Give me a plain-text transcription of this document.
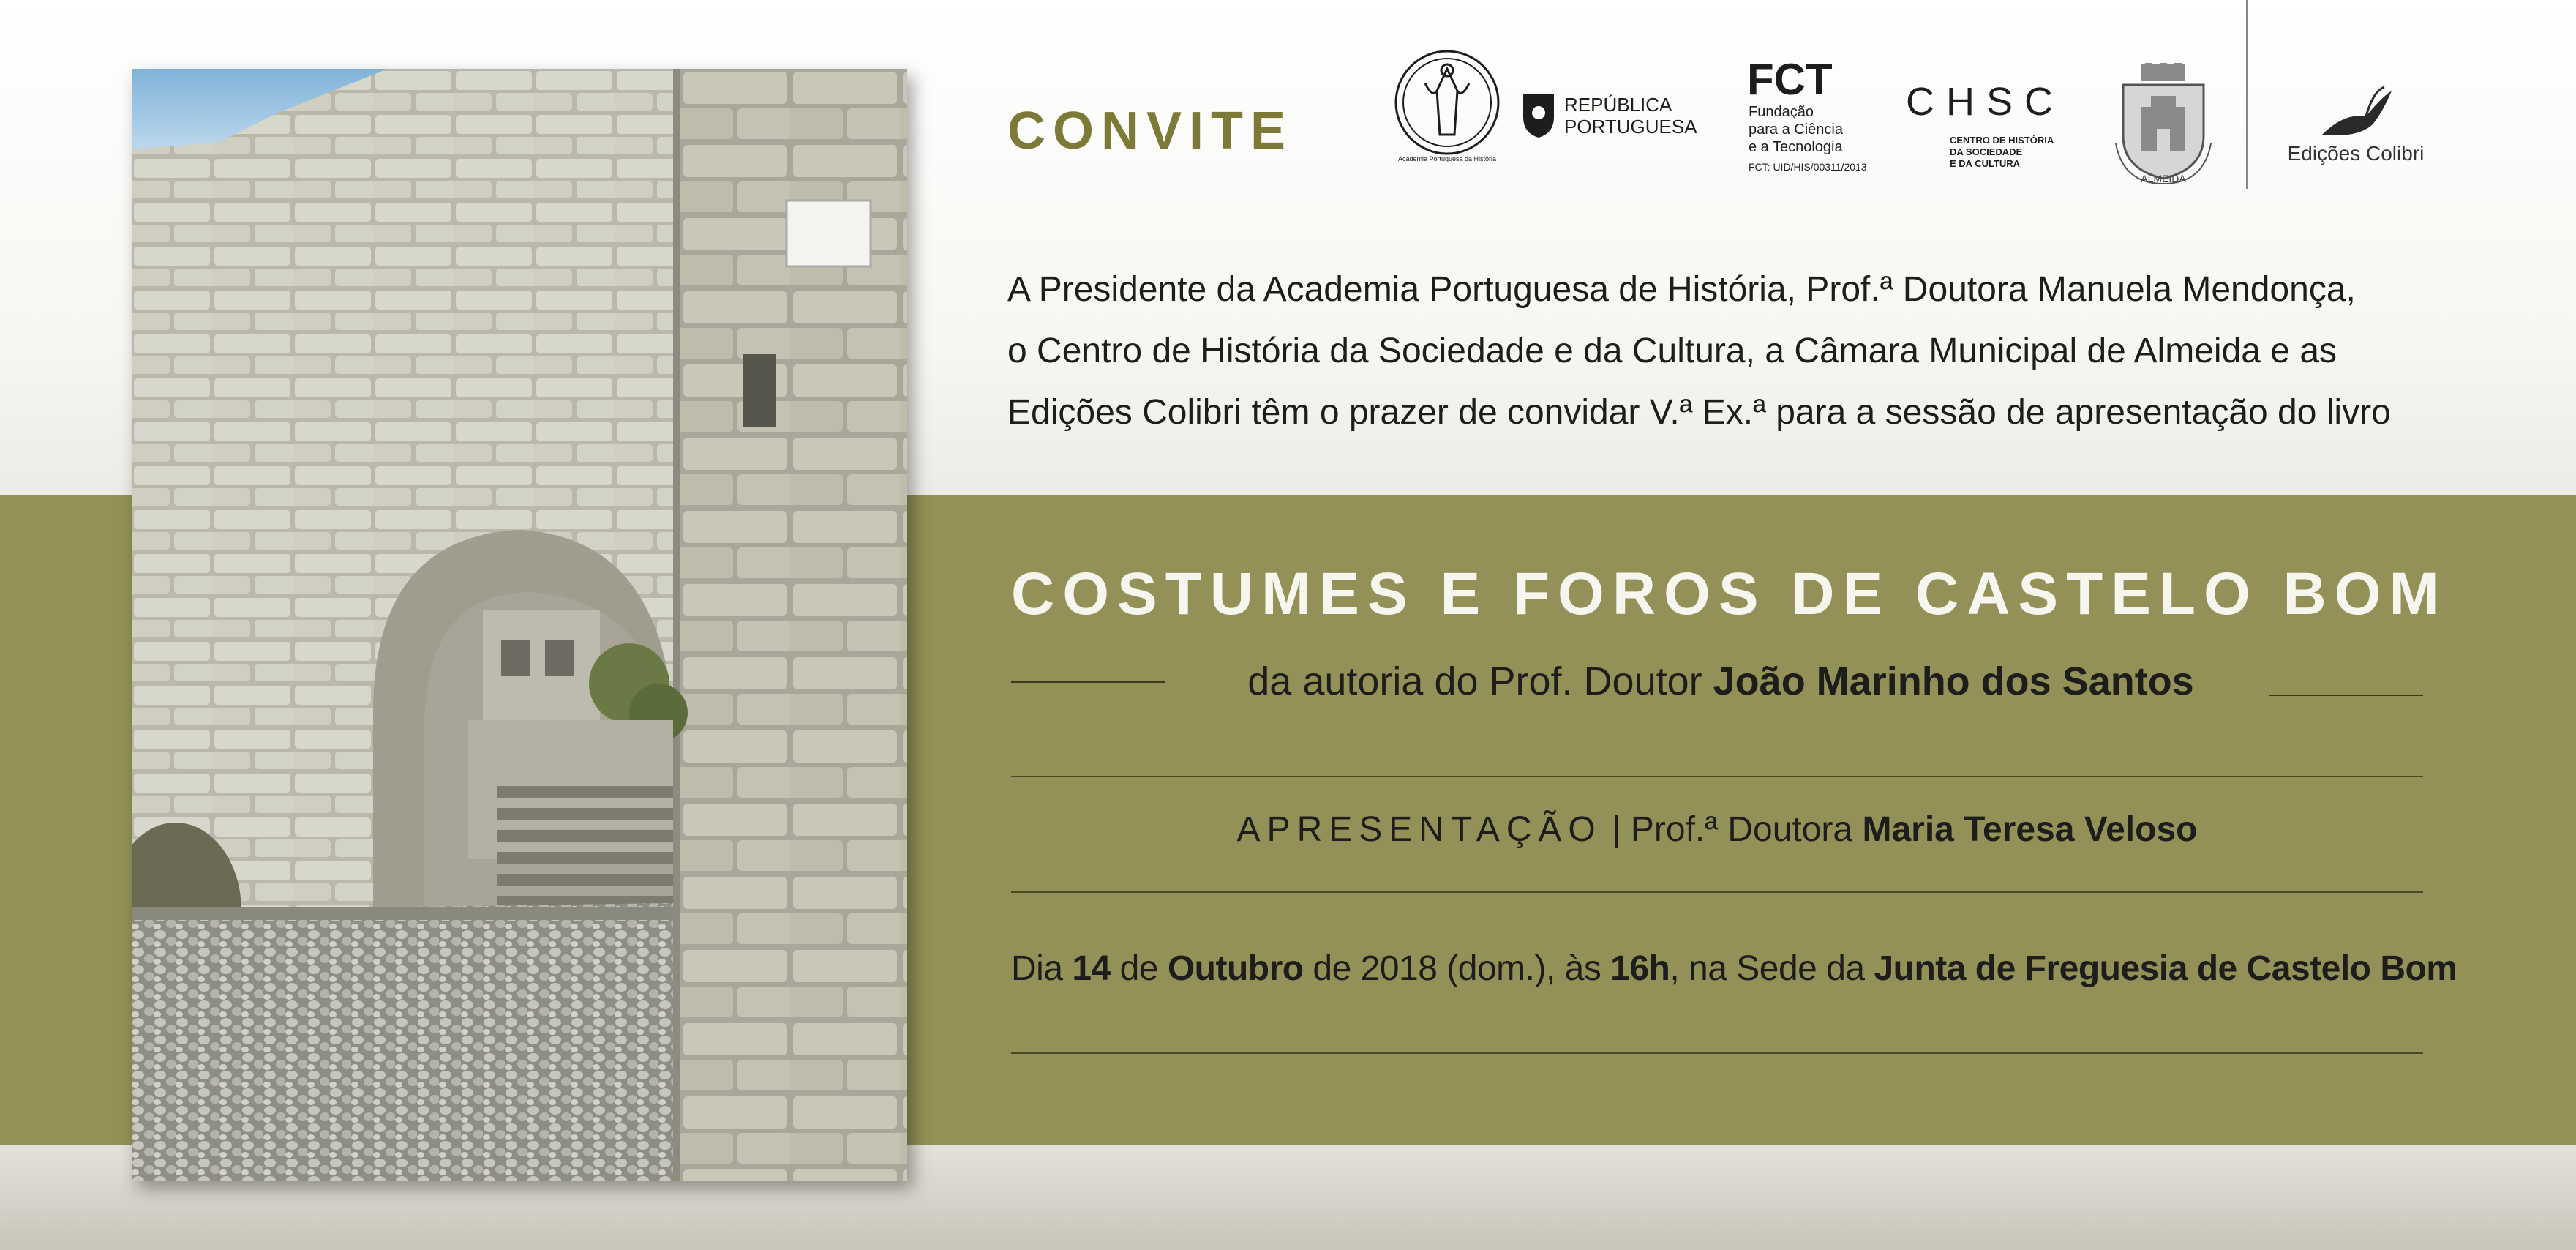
CONVITE	Academia Portuguesa da História
REPÚBLICA
PORTUGUESA
FCT
Fundação
para a Ciência
e a Tecnologia
FCT: UID/HIS/00311/2013
CHSC
CENTRO DE HISTÓRIA
DA SOCIEDADE
E DA CULTURA
ALMEIDA
Edições Colibri
A Presidente da Academia Portuguesa de História, Prof.ª Doutora Manuela Mendonça,
o Centro de História da Sociedade e da Cultura, a Câmara Municipal de Almeida e as
Edições Colibri têm o prazer de convidar V.ª Ex.ª para a sessão de apresentação do livro
COSTUMES E FOROS DE CASTELO BOM
da autoria do Prof. Doutor João Marinho dos Santos
APRESENTAÇÃO | Prof.ª Doutora Maria Teresa Veloso
Dia 14 de Outubro de 2018 (dom.), às 16h, na Sede da Junta de Freguesia de Castelo Bom
